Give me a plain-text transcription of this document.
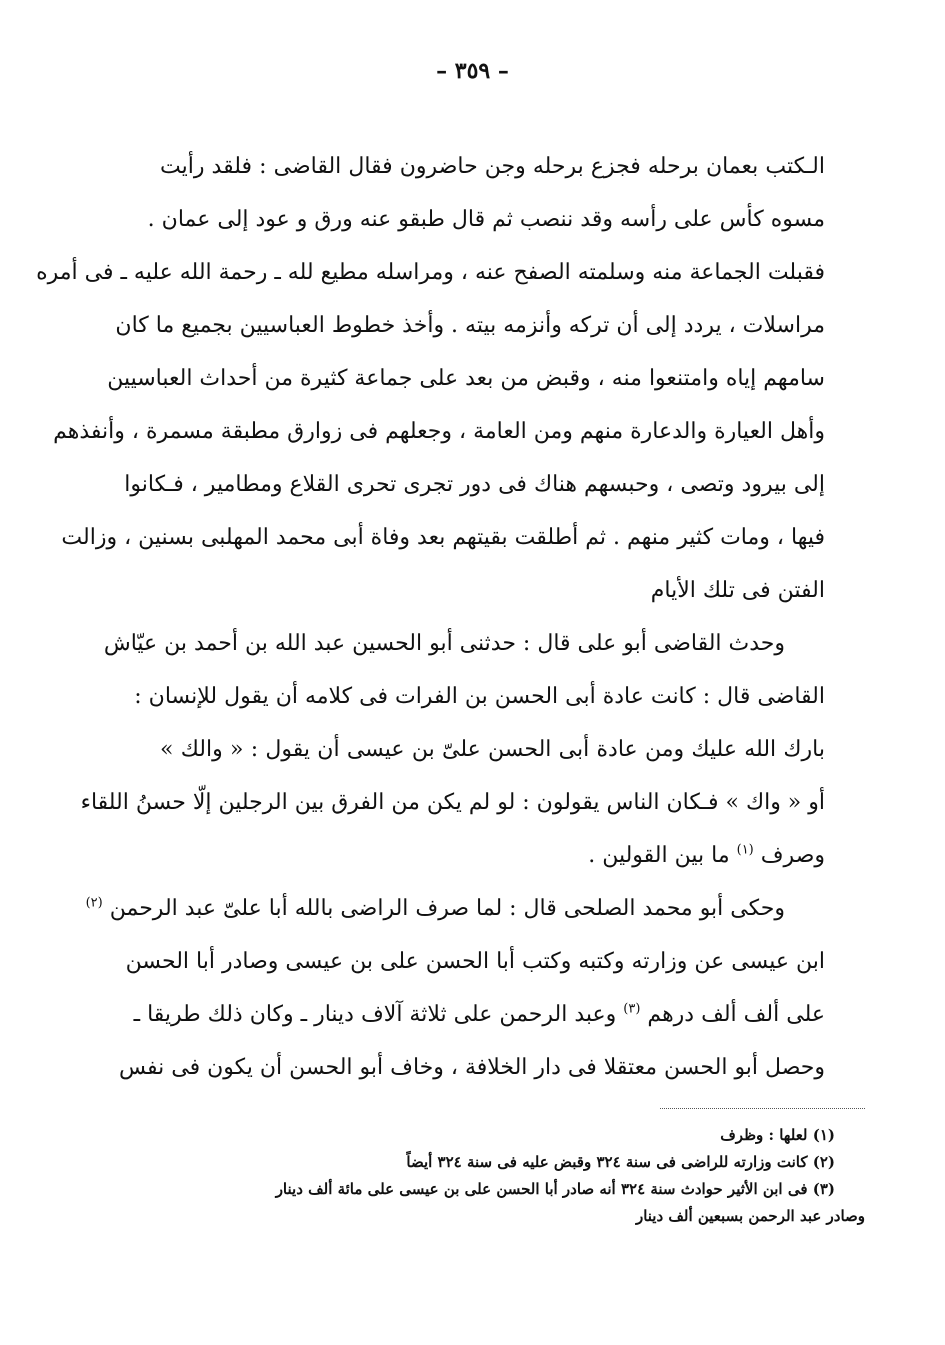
– ٣٥٩ –
الـكتب بعمان برحله فجزع برحله وجن حاضرون فقال القاضى : فلقد رأيت
مسوه كأس على رأسه وقد ننصب ثم قال طبقو عنه ورق و عود إلى عمان .
فقبلت الجماعة منه وسلمته الصفح عنه ، ومراسله مطيع لله ـ رحمة الله عليه ـ فى أمره
مراسلات ، يردد إلى أن تركه وأنزمه بيته . وأخذ خطوط العباسيين بجميع ما كان
سامهم إياه وامتنعوا منه ، وقبض من بعد على جماعة كثيرة من أحداث العباسيين
وأهل العيارة والدعارة منهم ومن العامة ، وجعلهم فى زوارق مطبقة مسمرة ، وأنفذهم
إلى بيرود وتصى ، وحبسهم هناك فى دور تجرى تحرى القلاع ومطامير ، فـكانوا
فيها ، ومات كثير منهم . ثم أطلقت بقيتهم بعد وفاة أبى محمد المهلبى بسنين ، وزالت
الفتن فى تلك الأيام
وحدث القاضى أبو على قال : حدثنى أبو الحسين عبد الله بن أحمد بن عيّاش
القاضى قال : كانت عادة أبى الحسن بن الفرات فى كلامه أن يقول للإنسان :
بارك الله عليك ومن عادة أبى الحسن علىّ بن عيسى أن يقول : « والك »
أو « واك » فـكان الناس يقولون : لو لم يكن من الفرق بين الرجلين إلّا حسنُ اللقاء
وصرف $^{(١)}$ ما بين القولين .
وحكى أبو محمد الصلحى قال : لما صرف الراضى بالله أبا علىّ عبد الرحمن $^{(٢)}$
ابن عيسى عن وزارته وكتبه وكتب أبا الحسن على بن عيسى وصادر أبا الحسن
على ألف ألف درهم $^{(٣)}$ وعبد الرحمن على ثلاثة آلاف دينار ـ وكان ذلك طريقا ـ
وحصل أبو الحسن معتقلا فى دار الخلافة ، وخاف أبو الحسن أن يكون فى نفس
(١) لعلها : وظرف
(٢) كانت وزارته للراضى فى سنة ٣٢٤ وقبض عليه فى سنة ٣٢٤ أيضاً
(٣) فى ابن الأثير حوادث سنة ٣٢٤ أنه صادر أبا الحسن على بن عيسى على مائة ألف دينار
وصادر عبد الرحمن بسبعين ألف دينار
